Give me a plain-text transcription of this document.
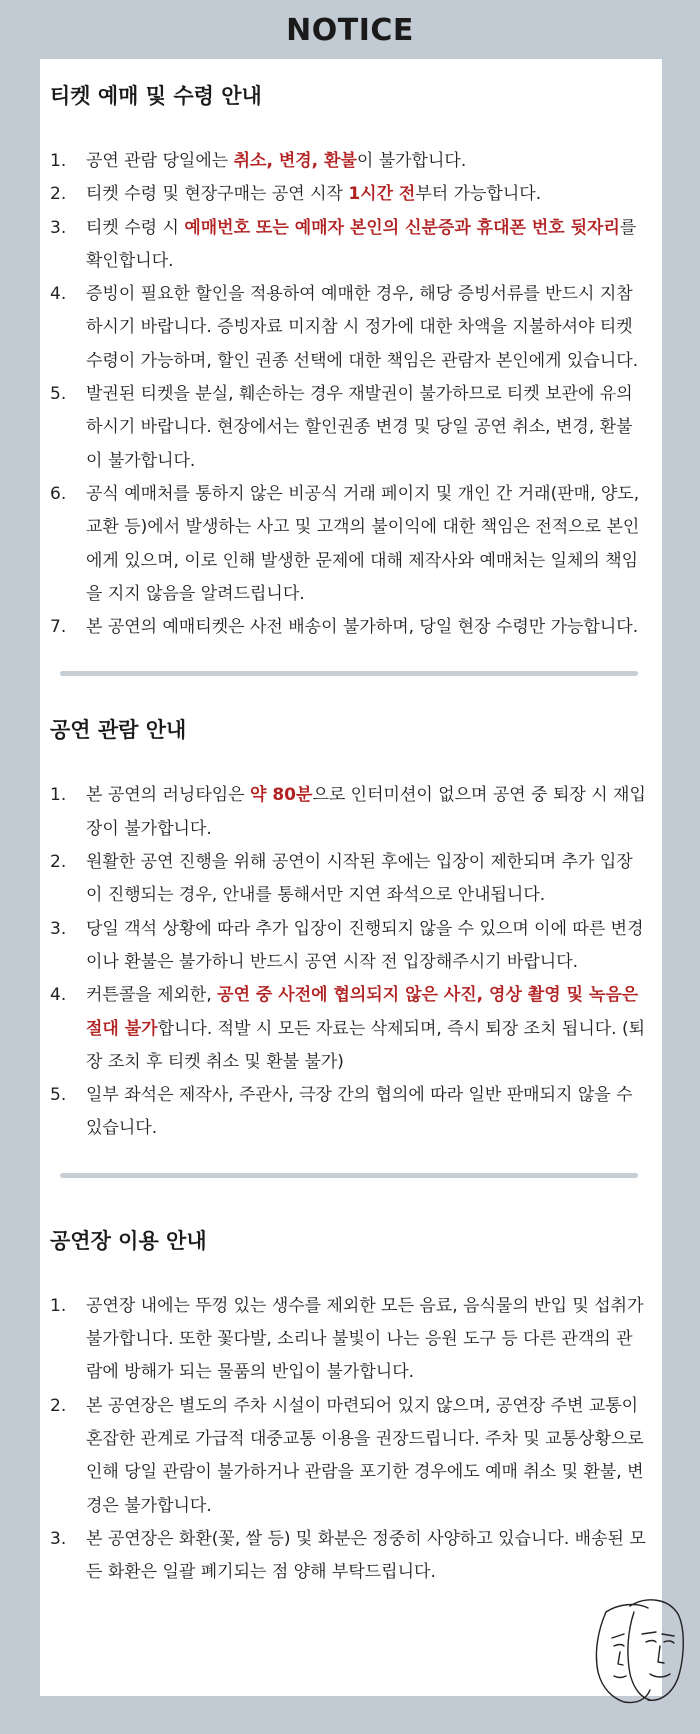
NOTICE
티켓 예매 및 수령 안내
1.	공연 관람 당일에는 취소, 변경, 환불이 불가합니다.
2.	티켓 수령 및 현장구매는 공연 시작 1시간 전부터 가능합니다.
3.	티켓 수령 시 예매번호 또는 예매자 본인의 신분증과 휴대폰 번호 뒷자리를 확인합니다.
4.	증빙이 필요한 할인을 적용하여 예매한 경우, 해당 증빙서류를 반드시 지참하시기 바랍니다. 증빙자료 미지참 시 정가에 대한 차액을 지불하셔야 티켓 수령이 가능하며, 할인 권종 선택에 대한 책임은 관람자 본인에게 있습니다.
5.	발권된 티켓을 분실, 훼손하는 경우 재발권이 불가하므로 티켓 보관에 유의하시기 바랍니다. 현장에서는 할인권종 변경 및 당일 공연 취소, 변경, 환불이 불가합니다.
6.	공식 예매처를 통하지 않은 비공식 거래 페이지 및 개인 간 거래(판매, 양도, 교환 등)에서 발생하는 사고 및 고객의 불이익에 대한 책임은 전적으로 본인에게 있으며, 이로 인해 발생한 문제에 대해 제작사와 예매처는 일체의 책임을 지지 않음을 알려드립니다.
7.	본 공연의 예매티켓은 사전 배송이 불가하며, 당일 현장 수령만 가능합니다.
공연 관람 안내
1.	본 공연의 러닝타임은 약 80분으로 인터미션이 없으며 공연 중 퇴장 시 재입장이 불가합니다.
2.	원활한 공연 진행을 위해 공연이 시작된 후에는 입장이 제한되며 추가 입장이 진행되는 경우, 안내를 통해서만 지연 좌석으로 안내됩니다.
3.	당일 객석 상황에 따라 추가 입장이 진행되지 않을 수 있으며 이에 따른 변경이나 환불은 불가하니 반드시 공연 시작 전 입장해주시기 바랍니다.
4.	커튼콜을 제외한, 공연 중 사전에 협의되지 않은 사진, 영상 촬영 및 녹음은 절대 불가합니다. 적발 시 모든 자료는 삭제되며, 즉시 퇴장 조치 됩니다. (퇴장 조치 후 티켓 취소 및 환불 불가)
5.	일부 좌석은 제작사, 주관사, 극장 간의 협의에 따라 일반 판매되지 않을 수 있습니다.
공연장 이용 안내
1.	공연장 내에는 뚜껑 있는 생수를 제외한 모든 음료, 음식물의 반입 및 섭취가 불가합니다. 또한 꽃다발, 소리나 불빛이 나는 응원 도구 등 다른 관객의 관람에 방해가 되는 물품의 반입이 불가합니다.
2.	본 공연장은 별도의 주차 시설이 마련되어 있지 않으며, 공연장 주변 교통이 혼잡한 관계로 가급적 대중교통 이용을 권장드립니다. 주차 및 교통상황으로 인해 당일 관람이 불가하거나 관람을 포기한 경우에도 예매 취소 및 환불, 변경은 불가합니다.
3.	본 공연장은 화환(꽃, 쌀 등) 및 화분은 정중히 사양하고 있습니다. 배송된 모든 화환은 일괄 폐기되는 점 양해 부탁드립니다.
